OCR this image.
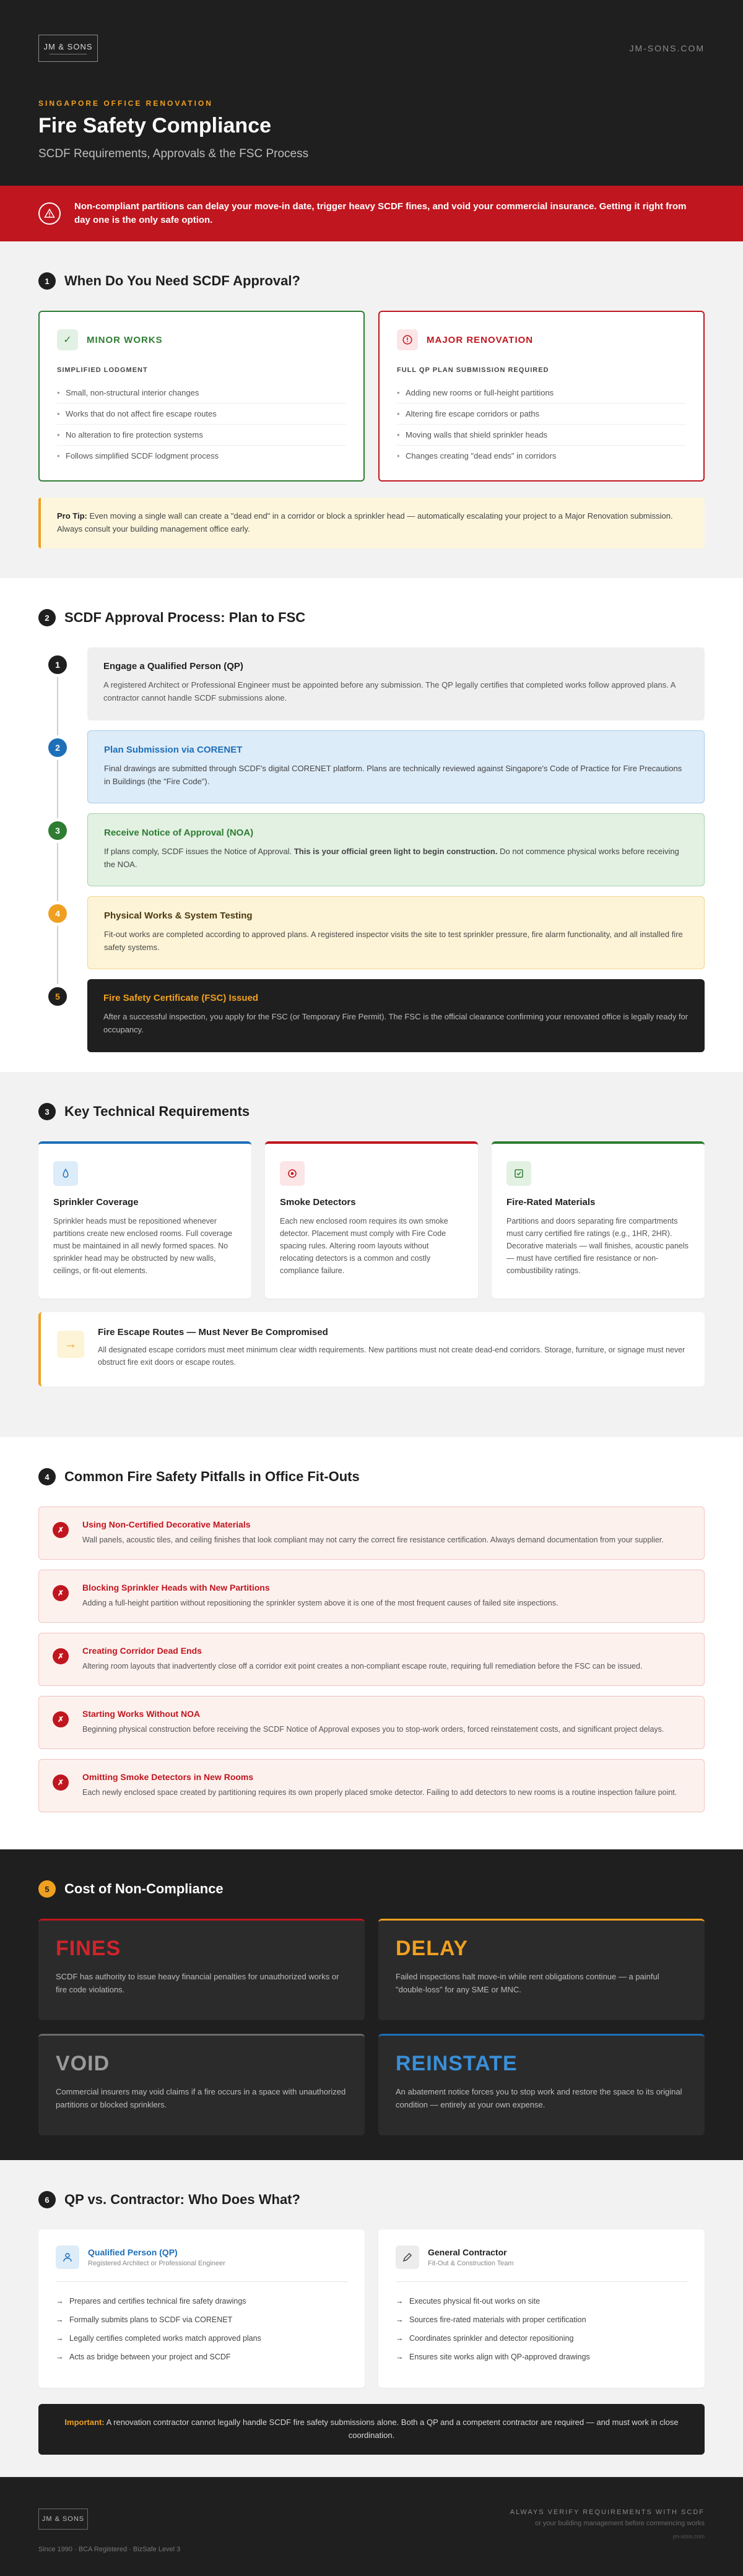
JM & SONS	JM-SONS.COM
SINGAPORE OFFICE RENOVATION
Fire Safety Compliance
SCDF Requirements, Approvals & the FSC Process

Non-compliant partitions can delay your move-in date, trigger heavy SCDF fines, and void your commercial insurance. Getting it right from day one is the only safe option.

1	When Do You Need SCDF Approval?
✓	MINOR WORKS
SIMPLIFIED LODGMENT
• Small, non-structural interior changes
• Works that do not affect fire escape routes
• No alteration to fire protection systems
• Follows simplified SCDF lodgment process
MAJOR RENOVATION
FULL QP PLAN SUBMISSION REQUIRED
• Adding new rooms or full-height partitions
• Altering fire escape corridors or paths
• Moving walls that shield sprinkler heads
• Changes creating "dead ends" in corridors
Pro Tip: Even moving a single wall can create a "dead end" in a corridor or block a sprinkler head — automatically escalating your project to a Major Renovation submission. Always consult your building management office early.
2	SCDF Approval Process: Plan to FSC
1	Engage a Qualified Person (QP)

A registered Architect or Professional Engineer must be appointed before any submission. The QP legally certifies that completed works follow approved plans. A contractor cannot handle SCDF submissions alone.

2	Plan Submission via CORENET

Final drawings are submitted through SCDF's digital CORENET platform. Plans are technically reviewed against Singapore's Code of Practice for Fire Precautions in Buildings (the "Fire Code").

3	Receive Notice of Approval (NOA)

If plans comply, SCDF issues the Notice of Approval. This is your official green light to begin construction. Do not commence physical works before receiving the NOA.

4	Physical Works & System Testing

Fit-out works are completed according to approved plans. A registered inspector visits the site to test sprinkler pressure, fire alarm functionality, and all installed fire safety systems.

5	Fire Safety Certificate (FSC) Issued

After a successful inspection, you apply for the FSC (or Temporary Fire Permit). The FSC is the official clearance confirming your renovated office is legally ready for occupancy.

3	Key Technical Requirements
Sprinkler Coverage

Sprinkler heads must be repositioned whenever partitions create new enclosed rooms. Full coverage must be maintained in all newly formed spaces. No sprinkler head may be obstructed by new walls, ceilings, or fit-out elements.

Smoke Detectors

Each new enclosed room requires its own smoke detector. Placement must comply with Fire Code spacing rules. Altering room layouts without relocating detectors is a common and costly compliance failure.

Fire-Rated Materials

Partitions and doors separating fire compartments must carry certified fire ratings (e.g., 1HR, 2HR). Decorative materials — wall finishes, acoustic panels — must have certified fire resistance or non-combustibility ratings.

→
Fire Escape Routes — Must Never Be Compromised

All designated escape corridors must meet minimum clear width requirements. New partitions must not create dead-end corridors. Storage, furniture, or signage must never obstruct fire exit doors or escape routes.

4	Common Fire Safety Pitfalls in Office Fit-Outs
✗
Using Non-Certified Decorative Materials

Wall panels, acoustic tiles, and ceiling finishes that look compliant may not carry the correct fire resistance certification. Always demand documentation from your supplier.

✗
Blocking Sprinkler Heads with New Partitions

Adding a full-height partition without repositioning the sprinkler system above it is one of the most frequent causes of failed site inspections.

✗
Creating Corridor Dead Ends

Altering room layouts that inadvertently close off a corridor exit point creates a non-compliant escape route, requiring full remediation before the FSC can be issued.

✗
Starting Works Without NOA

Beginning physical construction before receiving the SCDF Notice of Approval exposes you to stop-work orders, forced reinstatement costs, and significant project delays.

✗
Omitting Smoke Detectors in New Rooms

Each newly enclosed space created by partitioning requires its own properly placed smoke detector. Failing to add detectors to new rooms is a routine inspection failure point.

5	Cost of Non-Compliance
FINES

SCDF has authority to issue heavy financial penalties for unauthorized works or fire code violations.

DELAY

Failed inspections halt move-in while rent obligations continue — a painful "double-loss" for any SME or MNC.

VOID

Commercial insurers may void claims if a fire occurs in a space with unauthorized partitions or blocked sprinklers.

REINSTATE

An abatement notice forces you to stop work and restore the space to its original condition — entirely at your own expense.

6	QP vs. Contractor: Who Does What?
Qualified Person (QP)
Registered Architect or Professional Engineer
→ Prepares and certifies technical fire safety drawings
→ Formally submits plans to SCDF via CORENET
→ Legally certifies completed works match approved plans
→ Acts as bridge between your project and SCDF
General Contractor
Fit-Out & Construction Team
→ Executes physical fit-out works on site
→ Sources fire-rated materials with proper certification
→ Coordinates sprinkler and detector repositioning
→ Ensures site works align with QP-approved drawings
Important: A renovation contractor cannot legally handle SCDF fire safety submissions alone. Both a QP and a competent contractor are required — and must work in close coordination.
JM & SONS
Since 1990 · BCA Registered · BizSafe Level 3
ALWAYS VERIFY REQUIREMENTS WITH SCDF
or your building management before commencing works
jm-sons.com
